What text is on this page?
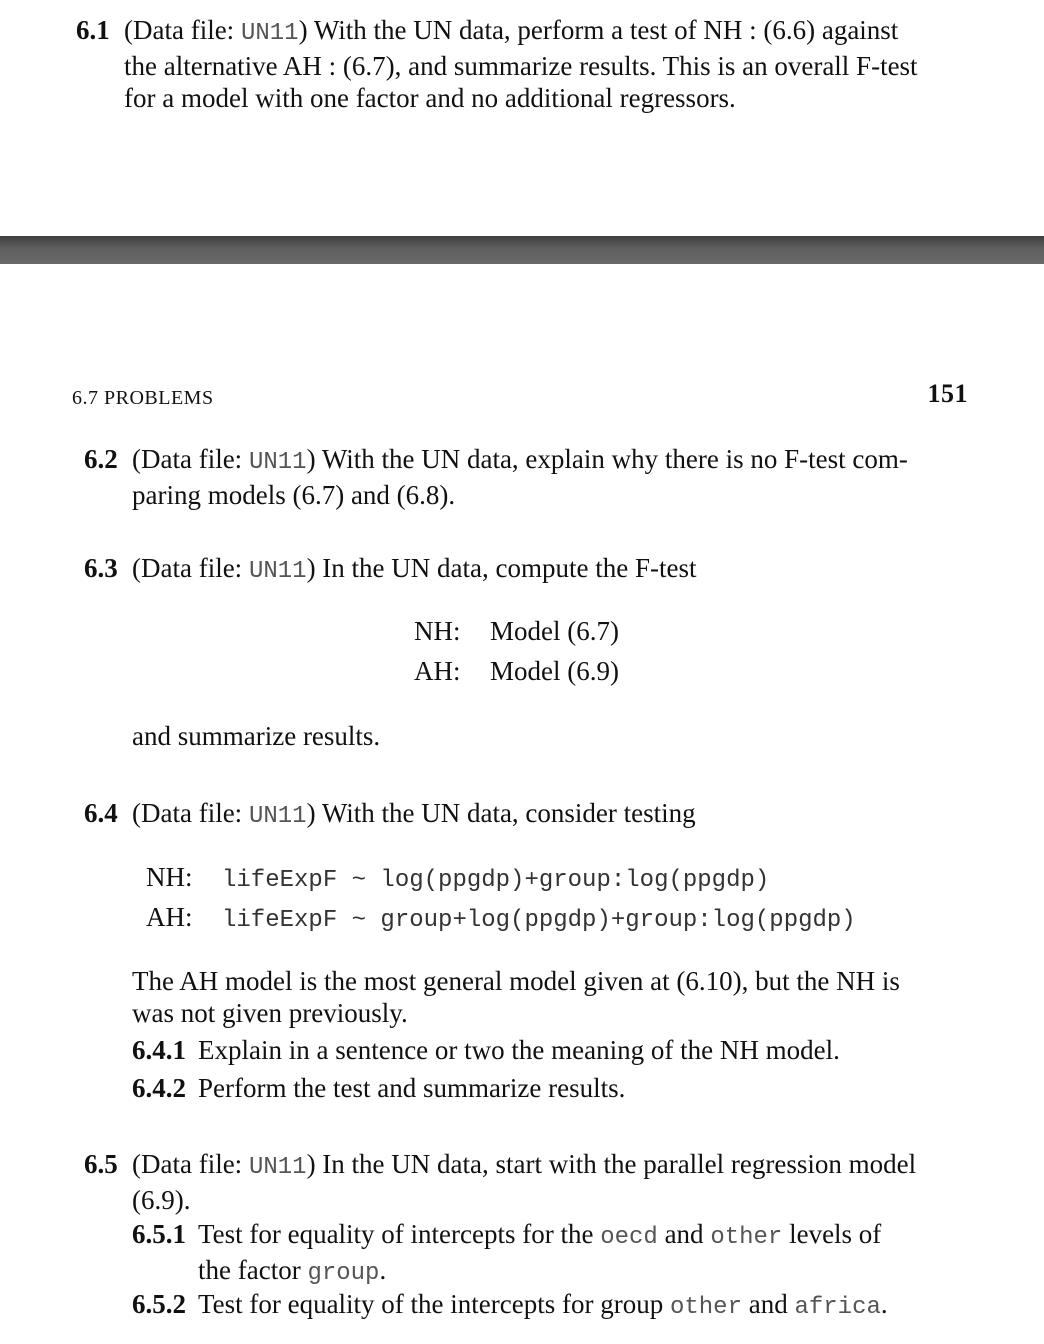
6.1 (Data file: UN11) With the UN data, perform a test of NH : (6.6) against
the alternative AH : (6.7), and summarize results. This is an overall F-test
for a model with one factor and no additional regressors.
6.7 PROBLEMS	151
6.2 (Data file: UN11) With the UN data, explain why there is no F-test com-
paring models (6.7) and (6.8).
6.3 (Data file: UN11) In the UN data, compute the F-test
NH: Model (6.7)
AH: Model (6.9)
and summarize results.
6.4 (Data file: UN11) With the UN data, consider testing
NH: lifeExpF ~ log(ppgdp)+group:log(ppgdp)
AH: lifeExpF ~ group+log(ppgdp)+group:log(ppgdp)
The AH model is the most general model given at (6.10), but the NH is
was not given previously.
6.4.1 Explain in a sentence or two the meaning of the NH model.
6.4.2 Perform the test and summarize results.
6.5 (Data file: UN11) In the UN data, start with the parallel regression model
(6.9).
6.5.1 Test for equality of intercepts for the oecd and other levels of
the factor group.
6.5.2 Test for equality of the intercepts for group other and africa.
